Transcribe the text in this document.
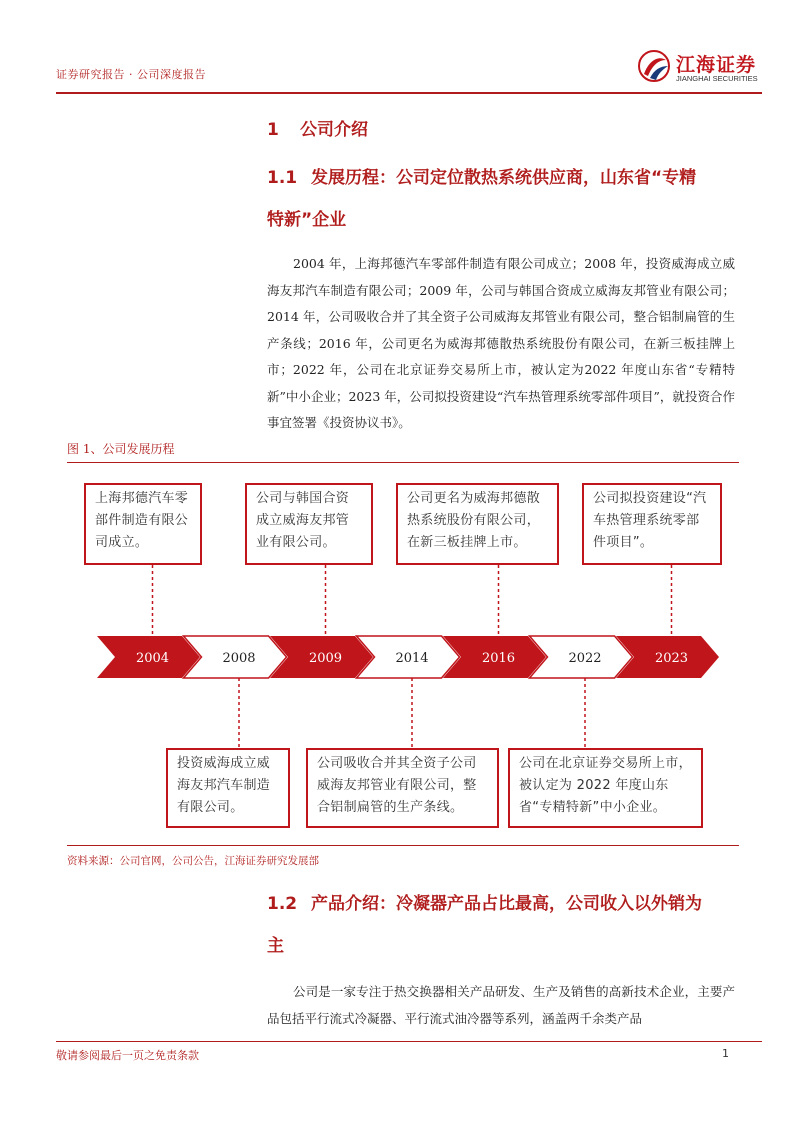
证券研究报告 · 公司深度报告	江海证券
JIANGHAI SECURITIES
1 公司介绍
1.1 发展历程：公司定位散热系统供应商，山东省“专精
特新”企业

2004 年，上海邦德汽车零部件制造有限公司成立；2008 年，投资威海成立威海友邦汽车制造有限公司；2009 年，公司与韩国合资成立威海友邦管业有限公司；2014 年，公司吸收合并了其全资子公司威海友邦管业有限公司，整合铝制扁管的生产条线；2016 年，公司更名为威海邦德散热系统股份有限公司，在新三板挂牌上市；2022 年，公司在北京证券交易所上市，被认定为2022 年度山东省“专精特新”中小企业；2023 年，公司拟投资建设“汽车热管理系统零部件项目”，就投资合作事宜签署《投资协议书》。

图 1、公司发展历程
2004	2008	2009	2014	2016	2022	2023
上海邦德汽车零部件制造有限公司成立。
公司与韩国合资成立威海友邦管业有限公司。
公司更名为威海邦德散热系统股份有限公司，在新三板挂牌上市。
公司拟投资建设“汽车热管理系统零部件项目”。
投资威海成立威海友邦汽车制造有限公司。
公司吸收合并其全资子公司威海友邦管业有限公司，整合铝制扁管的生产条线。
公司在北京证券交易所上市，被认定为 2022 年度山东省“专精特新”中小企业。
资料来源：公司官网，公司公告，江海证券研究发展部
1.2 产品介绍：冷凝器产品占比最高，公司收入以外销为
主

公司是一家专注于热交换器相关产品研发、生产及销售的高新技术企业，主要产品包括平行流式冷凝器、平行流式油冷器等系列，涵盖两千余类产品

敬请参阅最后一页之免责条款	1
